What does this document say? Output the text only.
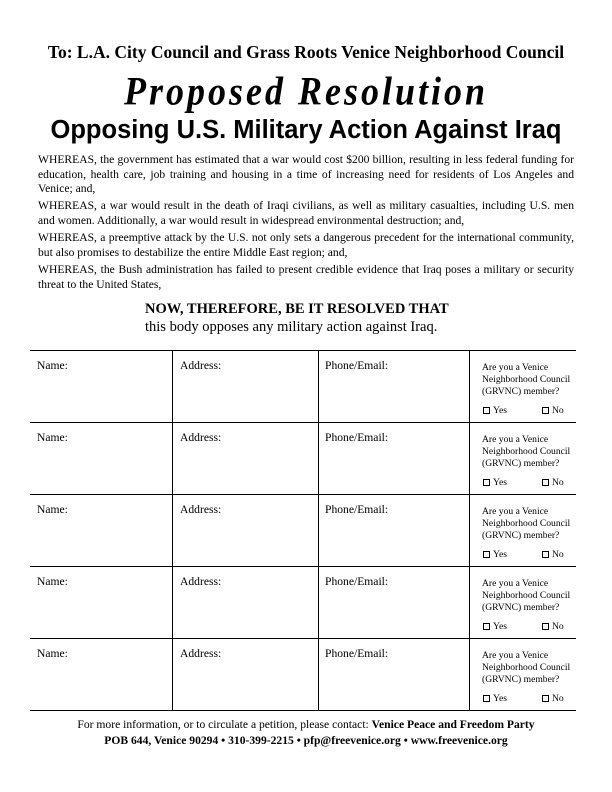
To: L.A. City Council and Grass Roots Venice Neighborhood Council
Proposed Resolution
Opposing U.S. Military Action Against Iraq

WHEREAS, the government has estimated that a war would cost $200 billion, resulting in less federal funding for education, health care, job training and housing in a time of increasing need for residents of Los Angeles and Venice; and,

WHEREAS, a war would result in the death of Iraqi civilians, as well as military casualties, including U.S. men and women. Additionally, a war would result in widespread environmental destruction; and,

WHEREAS, a preemptive attack by the U.S. not only sets a dangerous precedent for the international community, but also promises to destabilize the entire Middle East region; and,

WHEREAS, the Bush administration has failed to present credible evidence that Iraq poses a military or security threat to the United States,

NOW, THEREFORE, BE IT RESOLVED THAT
this body opposes any military action against Iraq.
Name:	Address:	Phone/Email:	Are you a Venice Neighborhood Council (GRVNC) member?
Yes	No
Name:	Address:	Phone/Email:	Are you a Venice Neighborhood Council (GRVNC) member?
Yes	No
Name:	Address:	Phone/Email:	Are you a Venice Neighborhood Council (GRVNC) member?
Yes	No
Name:	Address:	Phone/Email:	Are you a Venice Neighborhood Council (GRVNC) member?
Yes	No
Name:	Address:	Phone/Email:	Are you a Venice Neighborhood Council (GRVNC) member?
Yes	No
For more information, or to circulate a petition, please contact: Venice Peace and Freedom Party
POB 644, Venice 90294 • 310-399-2215 • pfp@freevenice.org • www.freevenice.org
